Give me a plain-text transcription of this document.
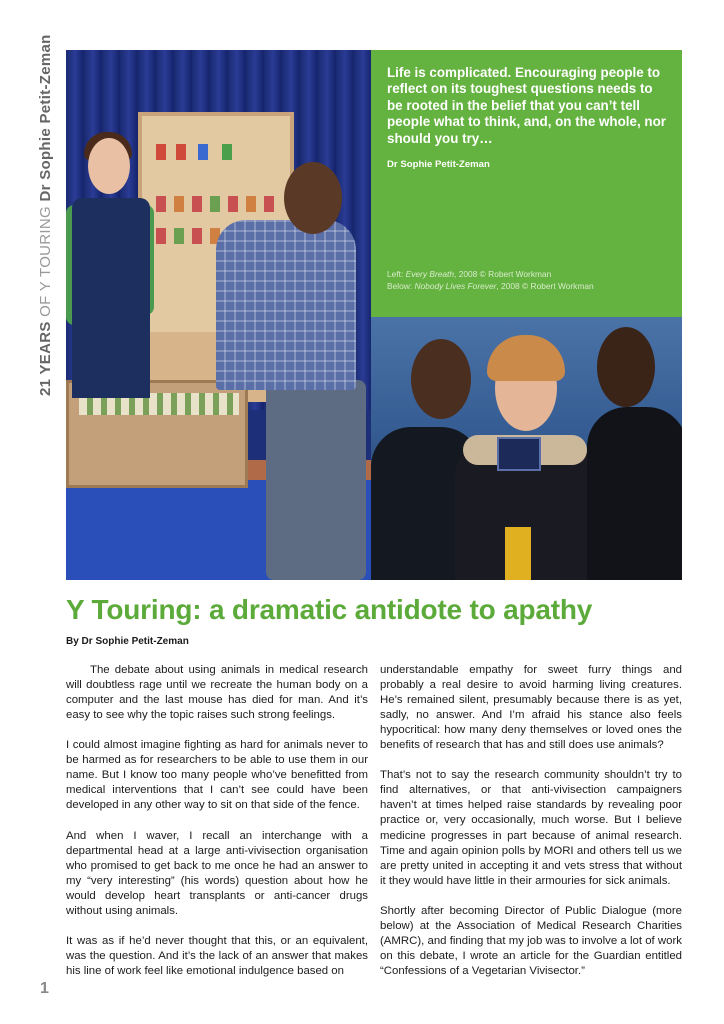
21 YEARS OF Y TOURING Dr Sophie Petit-Zeman	Life is complicated. Encouraging people to reflect on its toughest questions needs to be rooted in the belief that you can’t tell people what to think, and, on the whole, nor should you try…

Dr Sophie Petit-Zeman
Left: Every Breath, 2008 © Robert Workman
Below: Nobody Lives Forever, 2008 © Robert Workman
Y Touring: a dramatic antidote to apathy
By Dr Sophie Petit-Zeman

The debate about using animals in medical research will doubtless rage until we recreate the human body on a computer and the last mouse has died for man. And it’s easy to see why the topic raises such strong feelings.

I could almost imagine fighting as hard for animals never to be harmed as for researchers to be able to use them in our name. But I know too many people who’ve benefitted from medical interventions that I can’t see could have been developed in any other way to sit on that side of the fence.

And when I waver, I recall an interchange with a departmental head at a large anti-vivisection organisation who promised to get back to me once he had an answer to my “very interesting” (his words) question about how he would develop heart transplants or anti-cancer drugs without using animals.

It was as if he’d never thought that this, or an equivalent, was the question. And it’s the lack of an answer that makes his line of work feel like emotional indulgence based on

understandable empathy for sweet furry things and probably a real desire to avoid harming living creatures. He’s remained silent, presumably because there is as yet, sadly, no answer. And I’m afraid his stance also feels hypocritical: how many deny themselves or loved ones the benefits of research that has and still does use animals?

That’s not to say the research community shouldn’t try to find alternatives, or that anti-vivisection campaigners haven’t at times helped raise standards by revealing poor practice or, very occasionally, much worse. But I believe medicine progresses in part because of animal research. Time and again opinion polls by MORI and others tell us we are pretty united in accepting it and vets stress that without it they would have little in their armouries for sick animals.

Shortly after becoming Director of Public Dialogue (more below) at the Association of Medical Research Charities (AMRC), and finding that my job was to involve a lot of work on this debate, I wrote an article for the Guardian entitled “Confessions of a Vegetarian Vivisector.”

1
